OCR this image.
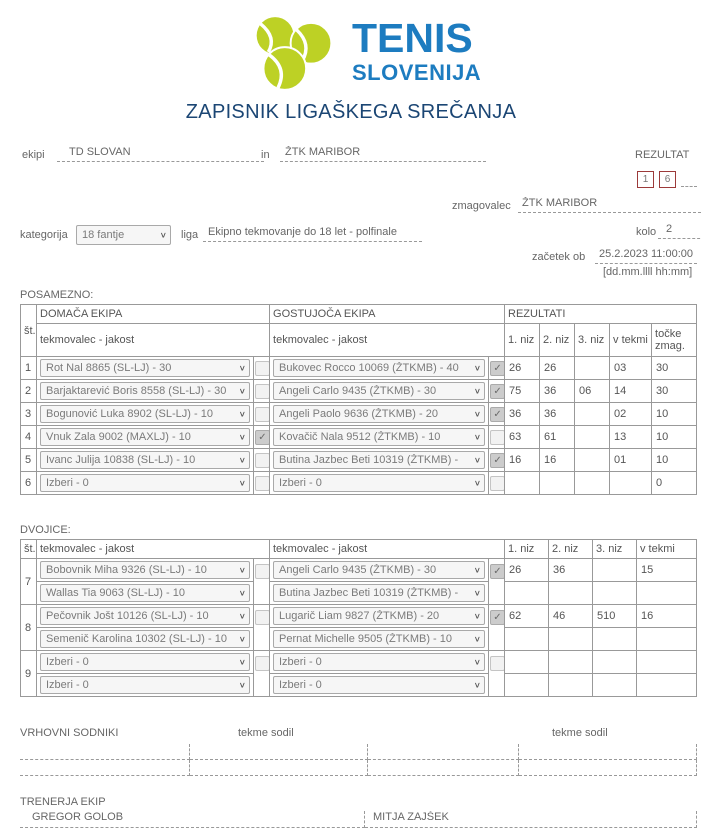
TENIS
SLOVENIJA
ZAPISNIK LIGAŠKEGA SREČANJA
ekipi	TD SLOVAN	in	ŽTK MARIBOR	REZULTAT
1	6
zmagovalec	ŽTK MARIBOR
kategorija 18 fantje	∨ liga Ekipno tekmovanje do 18 let - polfinale	kolo 2
začetek ob	25.2.2023 11:00:00
[dd.mm.llll hh:mm]
POSAMEZNO:
št.	DOMAČA EKIPA		GOSTUJOČA EKIPA		REZULTATI				
	tekmovalec - jakost		tekmovalec - jakost		1. niz	2. niz	3. niz	v tekmi	točke zmag.
1	Rot Nal 8865 (SL-LJ) - 30 ∨		Bukovec Rocco 10069 (ŽTKMB) - 40 ∨	✓	26	26		03	30
2	Barjaktarević Boris 8558 (SL-LJ) - 30 ∨		Angeli Carlo 9435 (ŽTKMB) - 30 ∨	✓	75	36	06	14	30
3	Bogunović Luka 8902 (SL-LJ) - 10 ∨		Angeli Paolo 9636 (ŽTKMB) - 20 ∨	✓	36	36		02	10
4	Vnuk Zala 9002 (MAXLJ) - 10 ∨	✓	Kovačič Nala 9512 (ŽTKMB) - 10 ∨		63	61		13	10
5	Ivanc Julija 10838 (SL-LJ) - 10 ∨		Butina Jazbec Beti 10319 (ŽTKMB) - ∨	✓	16	16		01	10
6	Izberi - 0 ∨		Izberi - 0 ∨						0
DVOJICE:
št.	tekmovalec - jakost		tekmovalec - jakost		1. niz	2. niz	3. niz	v tekmi
7	Bobovnik Miha 9326 (SL-LJ) - 10 ∨		Angeli Carlo 9435 (ŽTKMB) - 30 ∨	✓	26	36		15

	Wallas Tia 9063 (SL-LJ) - 10 ∨		Butina Jazbec Beti 10319 (ŽTKMB) - ∨					

8	Pečovnik Jošt 10126 (SL-LJ) - 10 ∨		Lugarič Liam 9827 (ŽTKMB) - 20 ∨	✓	62	46	510	16

	Semenič Karolina 10302 (SL-LJ) - 10 ∨		Pernat Michelle 9505 (ŽTKMB) - 10 ∨					

9	Izberi - 0 ∨		Izberi - 0 ∨					

	Izberi - 0 ∨		Izberi - 0 ∨					

VRHOVNI SODNIKI	tekme sodil	tekme sodil
TRENERJA EKIP
GREGOR GOLOB	MITJA ZAJŠEK
